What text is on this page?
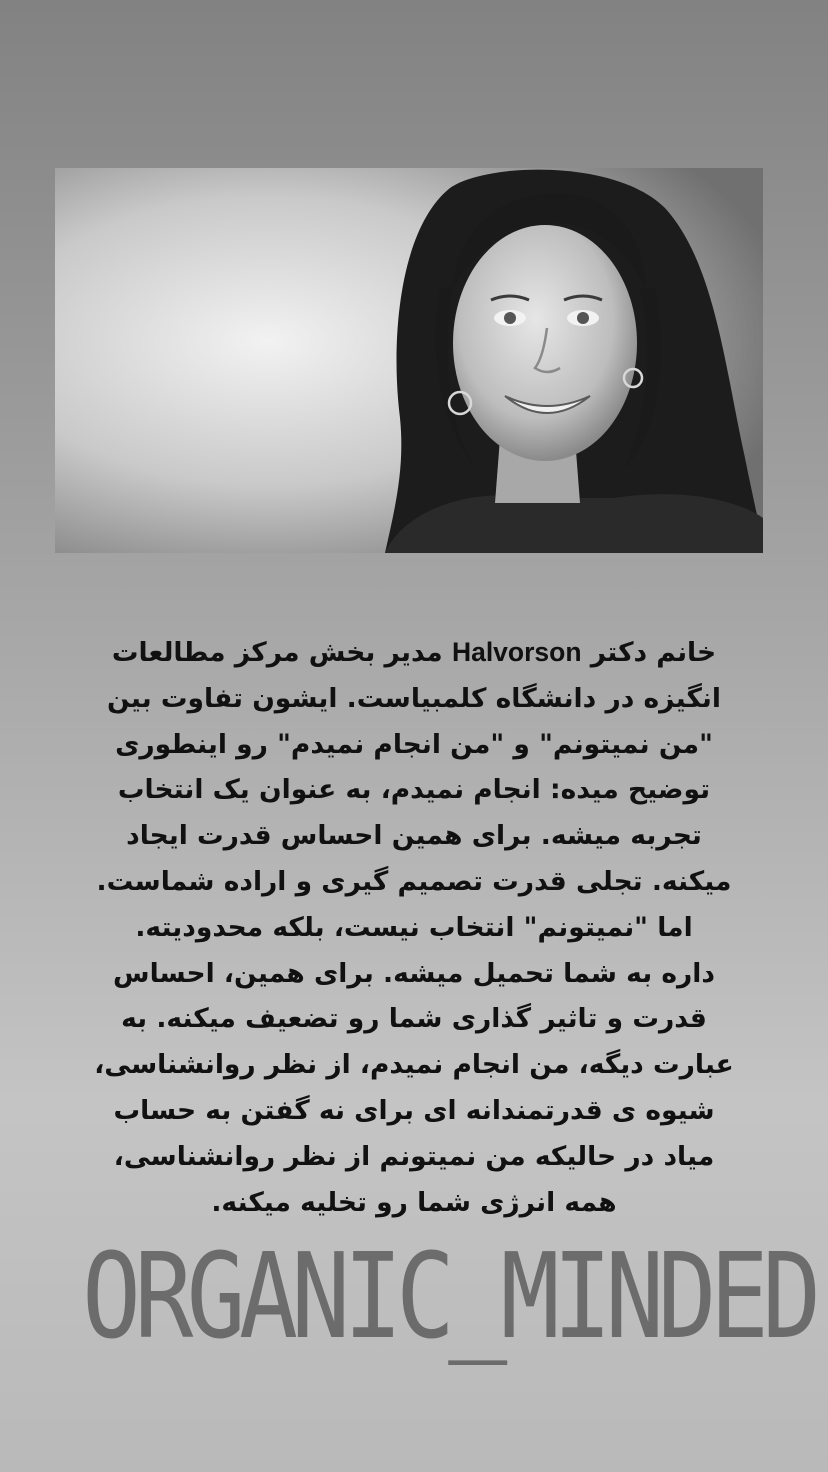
خانم دکتر Halvorson مدیر بخش مرکز مطالعات
انگیزه در دانشگاه کلمبیاست. ایشون تفاوت بین
"من نمیتونم" و "من انجام نمیدم" رو اینطوری
توضیح میده: انجام نمیدم، به عنوان یک انتخاب
تجربه میشه. برای همین احساس قدرت ایجاد
میکنه. تجلی قدرت تصمیم گیری و اراده شماست.
اما "نمیتونم" انتخاب نیست، بلکه محدودیته.
داره به شما تحمیل میشه. برای همین، احساس
قدرت و تاثیر گذاری شما رو تضعیف میکنه. به
عبارت دیگه، من انجام نمیدم، از نظر روانشناسی،
شیوه ی قدرتمندانه ای برای نه گفتن به حساب
میاد در حالیکه من نمیتونم از نظر روانشناسی،
همه انرژی شما رو تخلیه میکنه.
ORGANIC_MINDED
